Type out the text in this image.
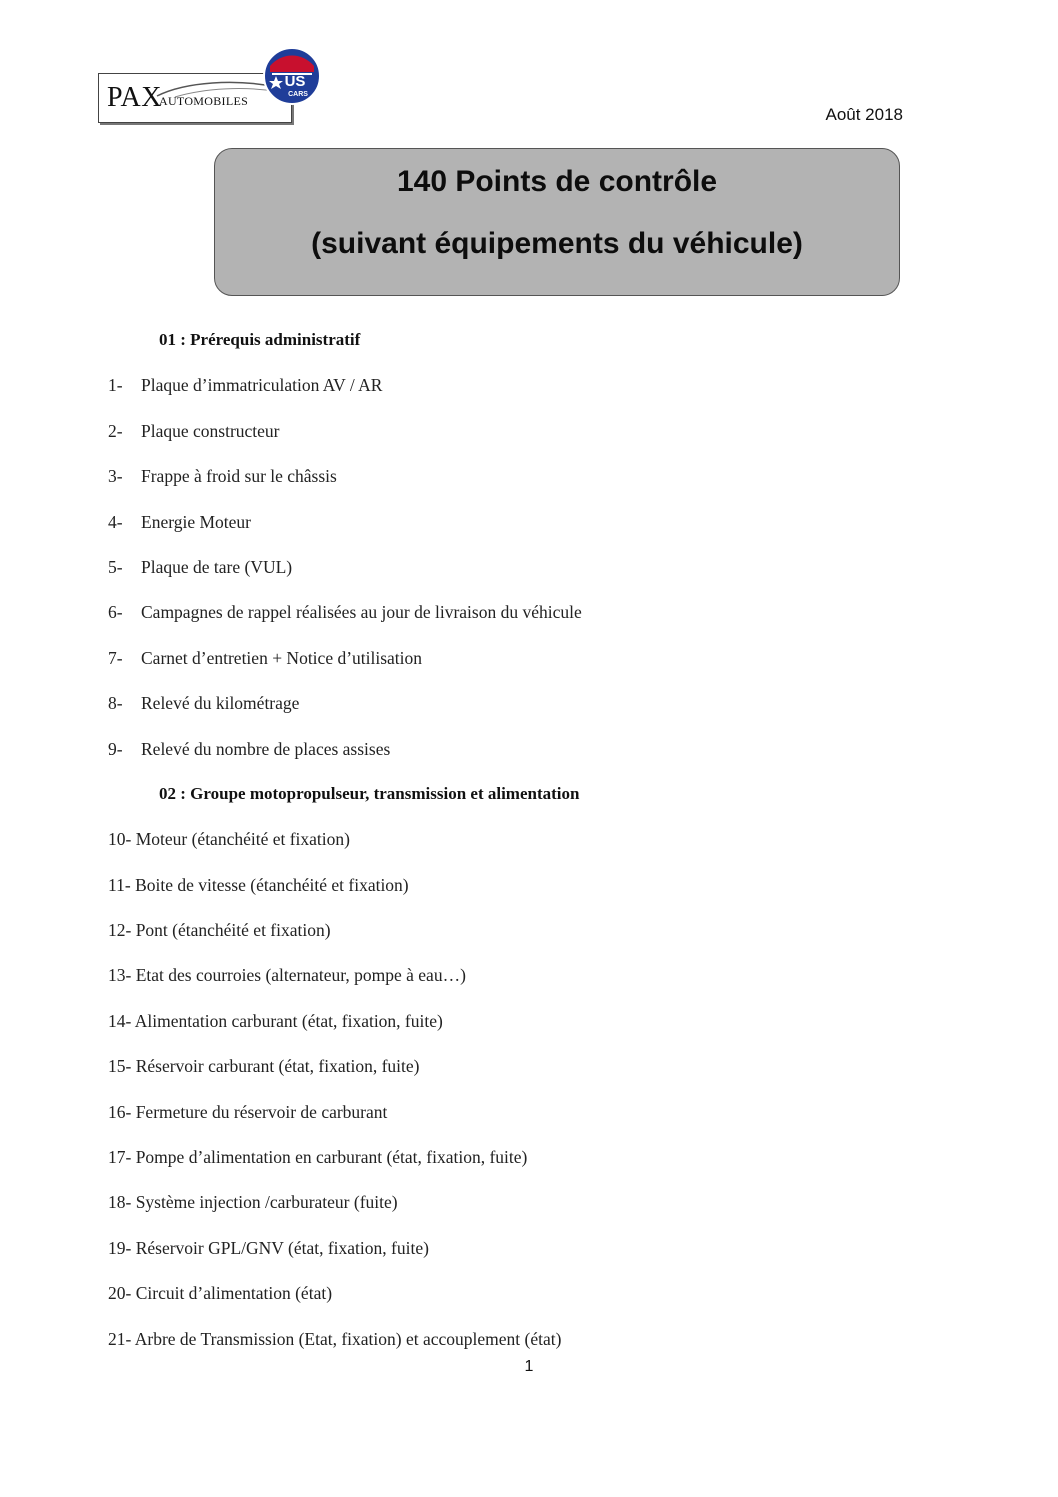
PAX
AUTOMOBILES
US
CARS
Août 2018
140 Points de contrôle
(suivant équipements du véhicule)
01 : Prérequis administratif
1- Plaque d’immatriculation AV / AR
2- Plaque constructeur
3- Frappe à froid sur le châssis
4- Energie Moteur
5- Plaque de tare (VUL)
6- Campagnes de rappel réalisées au jour de livraison du véhicule
7- Carnet d’entretien + Notice d’utilisation
8- Relevé du kilométrage
9- Relevé du nombre de places assises
02 : Groupe motopropulseur, transmission et alimentation
10- Moteur (étanchéité et fixation)
11- Boite de vitesse (étanchéité et fixation)
12- Pont (étanchéité et fixation)
13- Etat des courroies (alternateur, pompe à eau…)
14- Alimentation carburant (état, fixation, fuite)
15- Réservoir carburant (état, fixation, fuite)
16- Fermeture du réservoir de carburant
17- Pompe d’alimentation en carburant (état, fixation, fuite)
18- Système injection /carburateur (fuite)
19- Réservoir GPL/GNV (état, fixation, fuite)
20- Circuit d’alimentation (état)
21- Arbre de Transmission (Etat, fixation) et accouplement (état)
1
